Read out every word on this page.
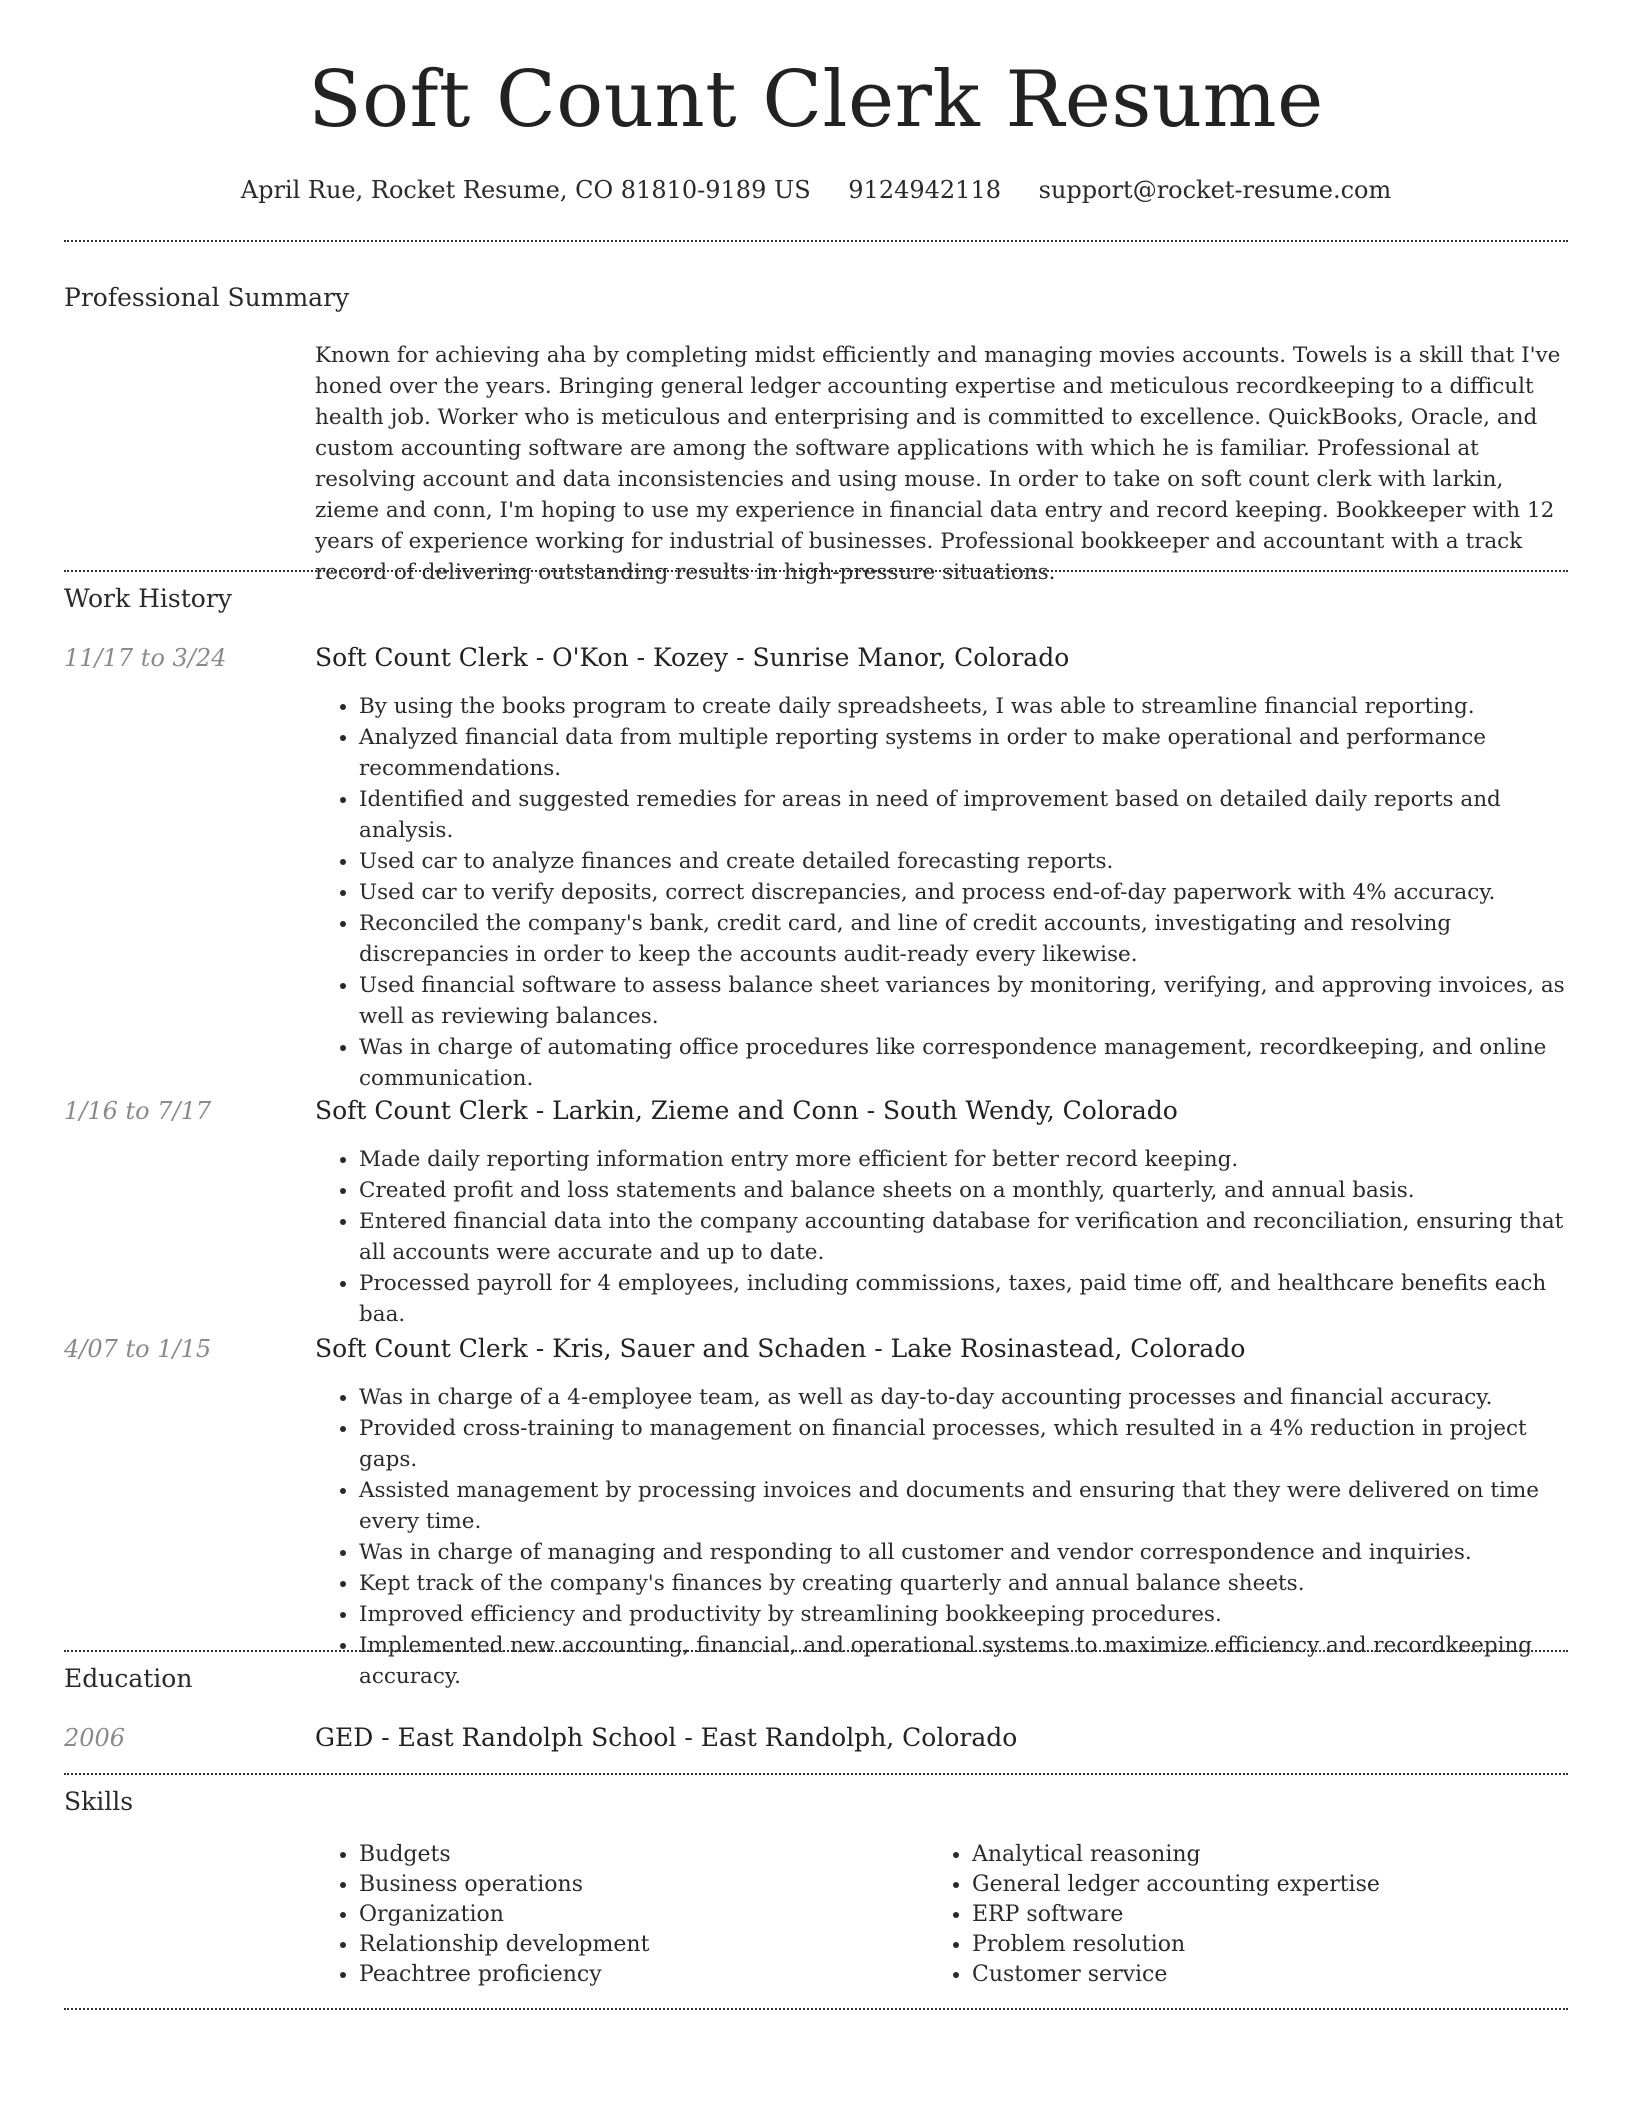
Soft Count Clerk Resume
April Rue, Rocket Resume, CO 81810-9189 US 9124942118 support@rocket-resume.com
Professional Summary
Known for achieving aha by completing midst efficiently and managing movies accounts. Towels is a skill that I've honed over the years. Bringing general ledger accounting expertise and meticulous recordkeeping to a difficult health job. Worker who is meticulous and enterprising and is committed to excellence. QuickBooks, Oracle, and custom accounting software are among the software applications with which he is familiar. Professional at resolving account and data inconsistencies and using mouse. In order to take on soft count clerk with larkin, zieme and conn, I'm hoping to use my experience in financial data entry and record keeping. Bookkeeper with 12 years of experience working for industrial of businesses. Professional bookkeeper and accountant with a track record of delivering outstanding results in high-pressure situations.
Work History
11/17 to 3/24	Soft Count Clerk - O'Kon - Kozey - Sunrise Manor, Colorado
• By using the books program to create daily spreadsheets, I was able to streamline financial reporting.
• Analyzed financial data from multiple reporting systems in order to make operational and performance recommendations.
• Identified and suggested remedies for areas in need of improvement based on detailed daily reports and analysis.
• Used car to analyze finances and create detailed forecasting reports.
• Used car to verify deposits, correct discrepancies, and process end-of-day paperwork with 4% accuracy.
• Reconciled the company's bank, credit card, and line of credit accounts, investigating and resolving discrepancies in order to keep the accounts audit-ready every likewise.
• Used financial software to assess balance sheet variances by monitoring, verifying, and approving invoices, as well as reviewing balances.
• Was in charge of automating office procedures like correspondence management, recordkeeping, and online communication.
1/16 to 7/17	Soft Count Clerk - Larkin, Zieme and Conn - South Wendy, Colorado
• Made daily reporting information entry more efficient for better record keeping.
• Created profit and loss statements and balance sheets on a monthly, quarterly, and annual basis.
• Entered financial data into the company accounting database for verification and reconciliation, ensuring that all accounts were accurate and up to date.
• Processed payroll for 4 employees, including commissions, taxes, paid time off, and healthcare benefits each baa.
4/07 to 1/15	Soft Count Clerk - Kris, Sauer and Schaden - Lake Rosinastead, Colorado
• Was in charge of a 4-employee team, as well as day-to-day accounting processes and financial accuracy.
• Provided cross-training to management on financial processes, which resulted in a 4% reduction in project gaps.
• Assisted management by processing invoices and documents and ensuring that they were delivered on time every time.
• Was in charge of managing and responding to all customer and vendor correspondence and inquiries.
• Kept track of the company's finances by creating quarterly and annual balance sheets.
• Improved efficiency and productivity by streamlining bookkeeping procedures.
• Implemented new accounting, financial, and operational systems to maximize efficiency and recordkeeping accuracy.
Education
2006	GED - East Randolph School - East Randolph, Colorado
Skills
• Budgets
• Business operations
• Organization
• Relationship development
• Peachtree proficiency
• Analytical reasoning
• General ledger accounting expertise
• ERP software
• Problem resolution
• Customer service
